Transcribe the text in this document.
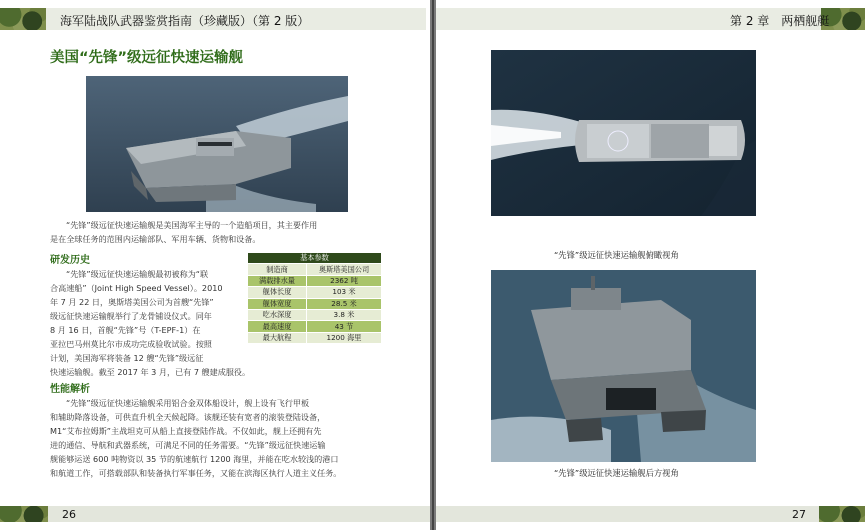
海军陆战队武器鉴赏指南（珍藏版）（第 2 版）
美国“先锋”级远征快速运输舰

“先锋”级远征快速运输舰是美国海军主导的一个造船项目，其主要作用

是在全球任务的范围内运输部队、军用车辆、货物和设备。

研发历史

“先锋”级远征快速运输舰最初被称为“联

合高速船”（Joint High Speed Vessel）。2010

年 7 月 22 日，奥斯塔美国公司为首艘“先锋”

级远征快速运输舰举行了龙骨铺设仪式。同年

8 月 16 日，首舰“先锋”号（T-EPF-1）在

亚拉巴马州莫比尔市成功完成验收试验。按照

计划，美国海军将装备 12 艘“先锋”级远征

快速运输舰。截至 2017 年 3 月，已有 7 艘建成服役。

基本参数	
制造商	奥斯塔美国公司
满载排水量	2362 吨
舰体长度	103 米
舰体宽度	28.5 米
吃水深度	3.8 米
最高速度	43 节
最大航程	1200 海里

性能解析

“先锋”级远征快速运输舰采用铝合金双体船设计，舰上设有飞行甲板

和辅助降落设备，可供直升机全天候起降。该舰还装有宽者的滚装登陆设备，

M1“艾布拉姆斯”主战坦克可从船上直接登陆作战。不仅如此，舰上还拥有先

进的通信、导航和武器系统，可满足不同的任务需要。“先锋”级远征快速运输

舰能够运送 600 吨物资以 35 节的航速航行 1200 海里，并能在吃水较浅的港口

和航道工作，可搭载部队和装备执行军事任务，又能在滨海区执行人道主义任务。

26
第 2 章　两栖舰艇

“先锋”级远征快速运输舰俯瞰视角

“先锋”级远征快速运输舰后方视角

27
